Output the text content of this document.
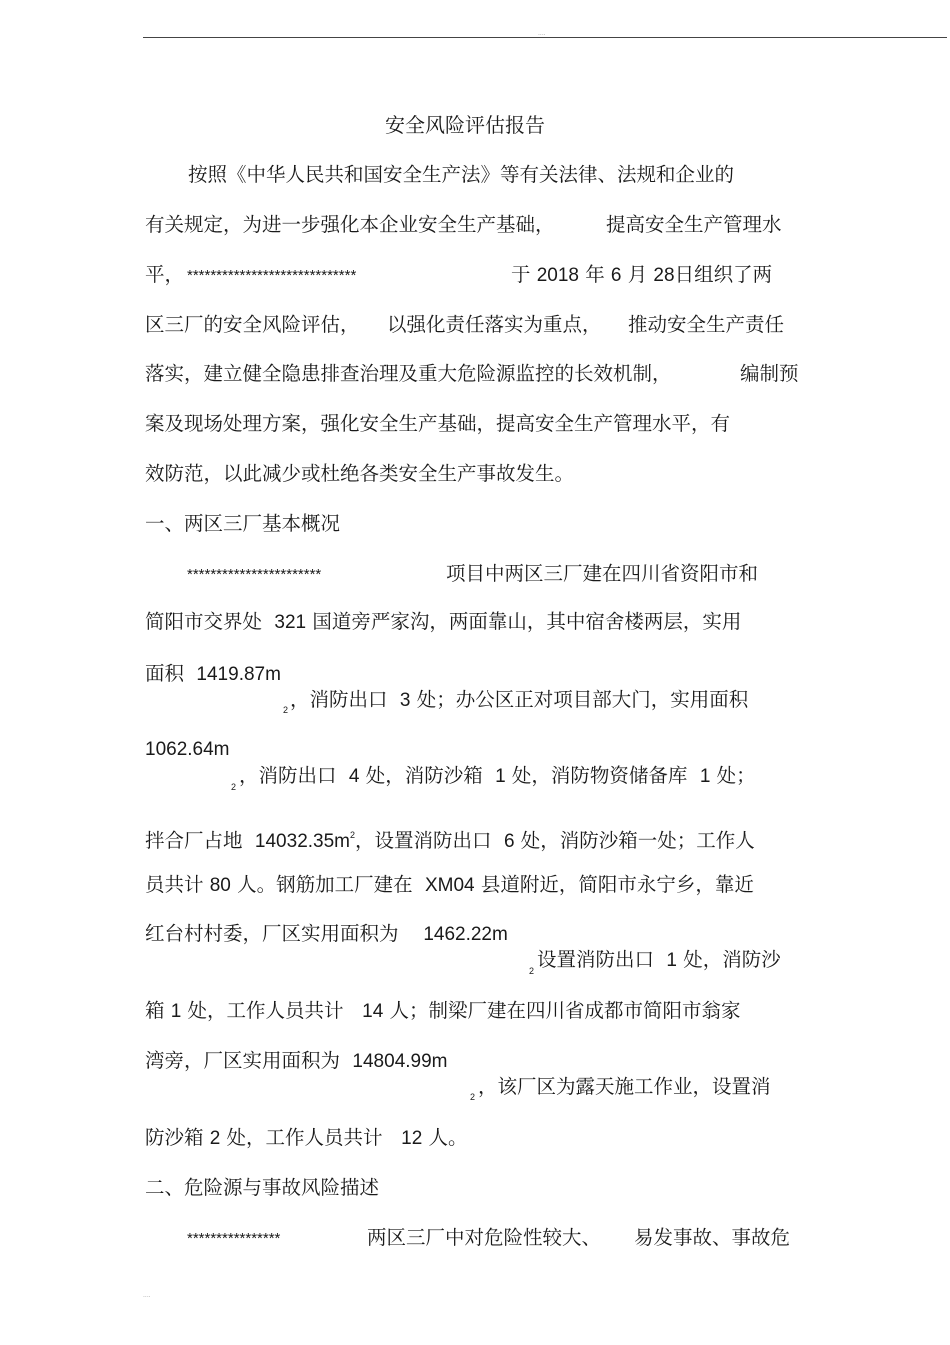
....
安全风险评估报告
按照《中华人民共和国安全生产法》等有关法律、法规和企业的
有关规定，为进一步强化本企业安全生产基础，	提高安全生产管理水
平， *****************************	于 2018 年 6 月 28日组织了两
区三厂的安全风险评估， 以强化责任落实为重点， 推动安全生产责任
落实，建立健全隐患排查治理及重大危险源监控的长效机制，	编制预
案及现场处理方案，强化安全生产基础，提高安全生产管理水平，有
效防范，以此减少或杜绝各类安全生产事故发生。
一、两区三厂基本概况
***********************	项目中两区三厂建在四川省资阳市和
简阳市交界处 321 国道旁严家沟，两面靠山，其中宿舍楼两层，实用
面积 1419.87m
2 ，消防出口 3 处；办公区正对项目部大门，实用面积
1062.64m
2 ，消防出口 4 处，消防沙箱 1 处，消防物资储备库 1 处；
拌合厂占地 $14032.35m^2$，设置消防出口 6 处，消防沙箱一处；工作人
员共计 80 人。钢筋加工厂建在 XM04 县道附近，简阳市永宁乡，靠近
红台村村委，厂区实用面积为 1462.22m
2 设置消防出口 1 处，消防沙
箱 1 处，工作人员共计 14 人；制梁厂建在四川省成都市简阳市翁家
湾旁，厂区实用面积为 14804.99m
2 ，该厂区为露天施工作业，设置消
防沙箱 2 处，工作人员共计 12 人。
二、危险源与事故风险描述
****************	两区三厂中对危险性较大、 易发事故、事故危
....
